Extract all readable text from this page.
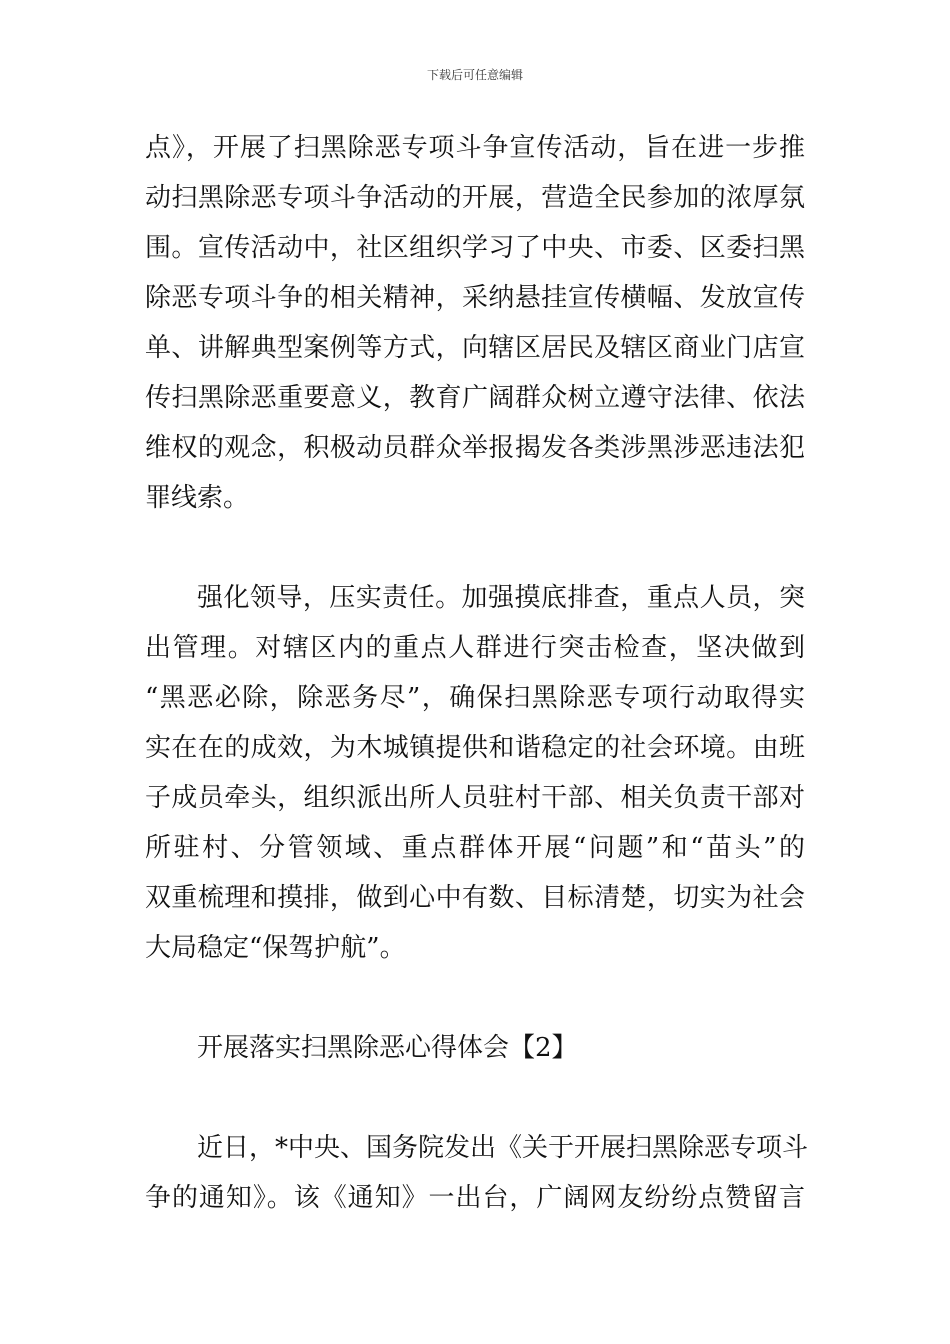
下载后可任意编辑
点》，开展了扫黑除恶专项斗争宣传活动，旨在进一步推
动扫黑除恶专项斗争活动的开展，营造全民参加的浓厚氛
围。宣传活动中，社区组织学习了中央、市委、区委扫黑
除恶专项斗争的相关精神，采纳悬挂宣传横幅、发放宣传
单、讲解典型案例等方式，向辖区居民及辖区商业门店宣
传扫黑除恶重要意义，教育广阔群众树立遵守法律、依法
维权的观念，积极动员群众举报揭发各类涉黑涉恶违法犯
罪线索。
强化领导，压实责任。加强摸底排查，重点人员，突
出管理。对辖区内的重点人群进行突击检查，坚决做到
“黑恶必除，除恶务尽”，确保扫黑除恶专项行动取得实
实在在的成效，为木城镇提供和谐稳定的社会环境。由班
子成员牵头，组织派出所人员驻村干部、相关负责干部对
所驻村、分管领域、重点群体开展“问题”和“苗头”的
双重梳理和摸排，做到心中有数、目标清楚，切实为社会
大局稳定“保驾护航”。
开展落实扫黑除恶心得体会【2】
近日，*中央、国务院发出《关于开展扫黑除恶专项斗
争的通知》。该《通知》一出台，广阔网友纷纷点赞留言
